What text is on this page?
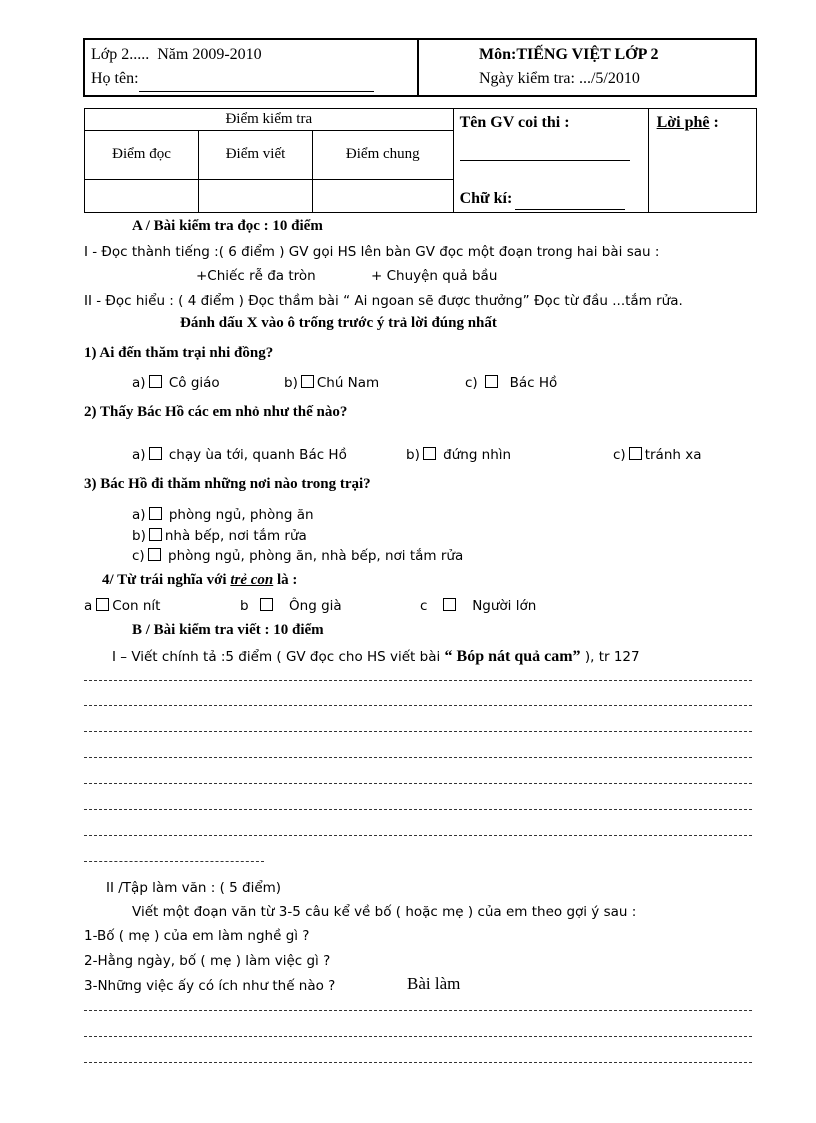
Lớp 2..... Năm 2009-2010
Họ tên:

Môn:TIẾNG VIỆT LỚP 2
Ngày kiểm tra: .../5/2010
Điểm kiểm tra			Tên GV coi thi :
Chữ kí:	Lời phê :
Điểm đọc	Điểm viết	Điểm chung		

A / Bài kiểm tra đọc : 10 điểm
I - Đọc thành tiếng :( 6 điểm ) GV gọi HS lên bàn GV đọc một đoạn trong hai bài sau :
+Chiếc rễ đa tròn	+ Chuyện quả bầu
II - Đọc hiểu : ( 4 điểm ) Đọc thầm bài “ Ai ngoan sẽ được thưởng” Đọc từ đầu ...tắm rửa.
Đánh dấu X vào ô trống trước ý trả lời đúng nhất
1) Ai đến thăm trại nhi đồng?
a) Cô giáo	b) Chú Nam	c) Bác Hồ
2) Thấy Bác Hồ các em nhỏ như thế nào?
a) chạy ùa tới, quanh Bác Hồ	b) đứng nhìn	c) tránh xa
3) Bác Hồ đi thăm những nơi nào trong trại?
a) phòng ngủ, phòng ăn
b) nhà bếp, nơi tắm rửa
c) phòng ngủ, phòng ăn, nhà bếp, nơi tắm rửa
4/ Từ trái nghĩa với trẻ con là :
a Con nít	b	Ông già	c	Người lớn
B / Bài kiểm tra viết : 10 điểm
I – Viết chính tả :5 điểm ( GV đọc cho HS viết bài “ Bóp nát quả cam” ), tr 127
II /Tập làm văn : ( 5 điểm)
Viết một đoạn văn từ 3-5 câu kể về bố ( hoặc mẹ ) của em theo gợi ý sau :
1-Bố ( mẹ ) của em làm nghề gì ?
2-Hằng ngày, bố ( mẹ ) làm việc gì ?
3-Những việc ấy có ích như thế nào ?	Bài làm
